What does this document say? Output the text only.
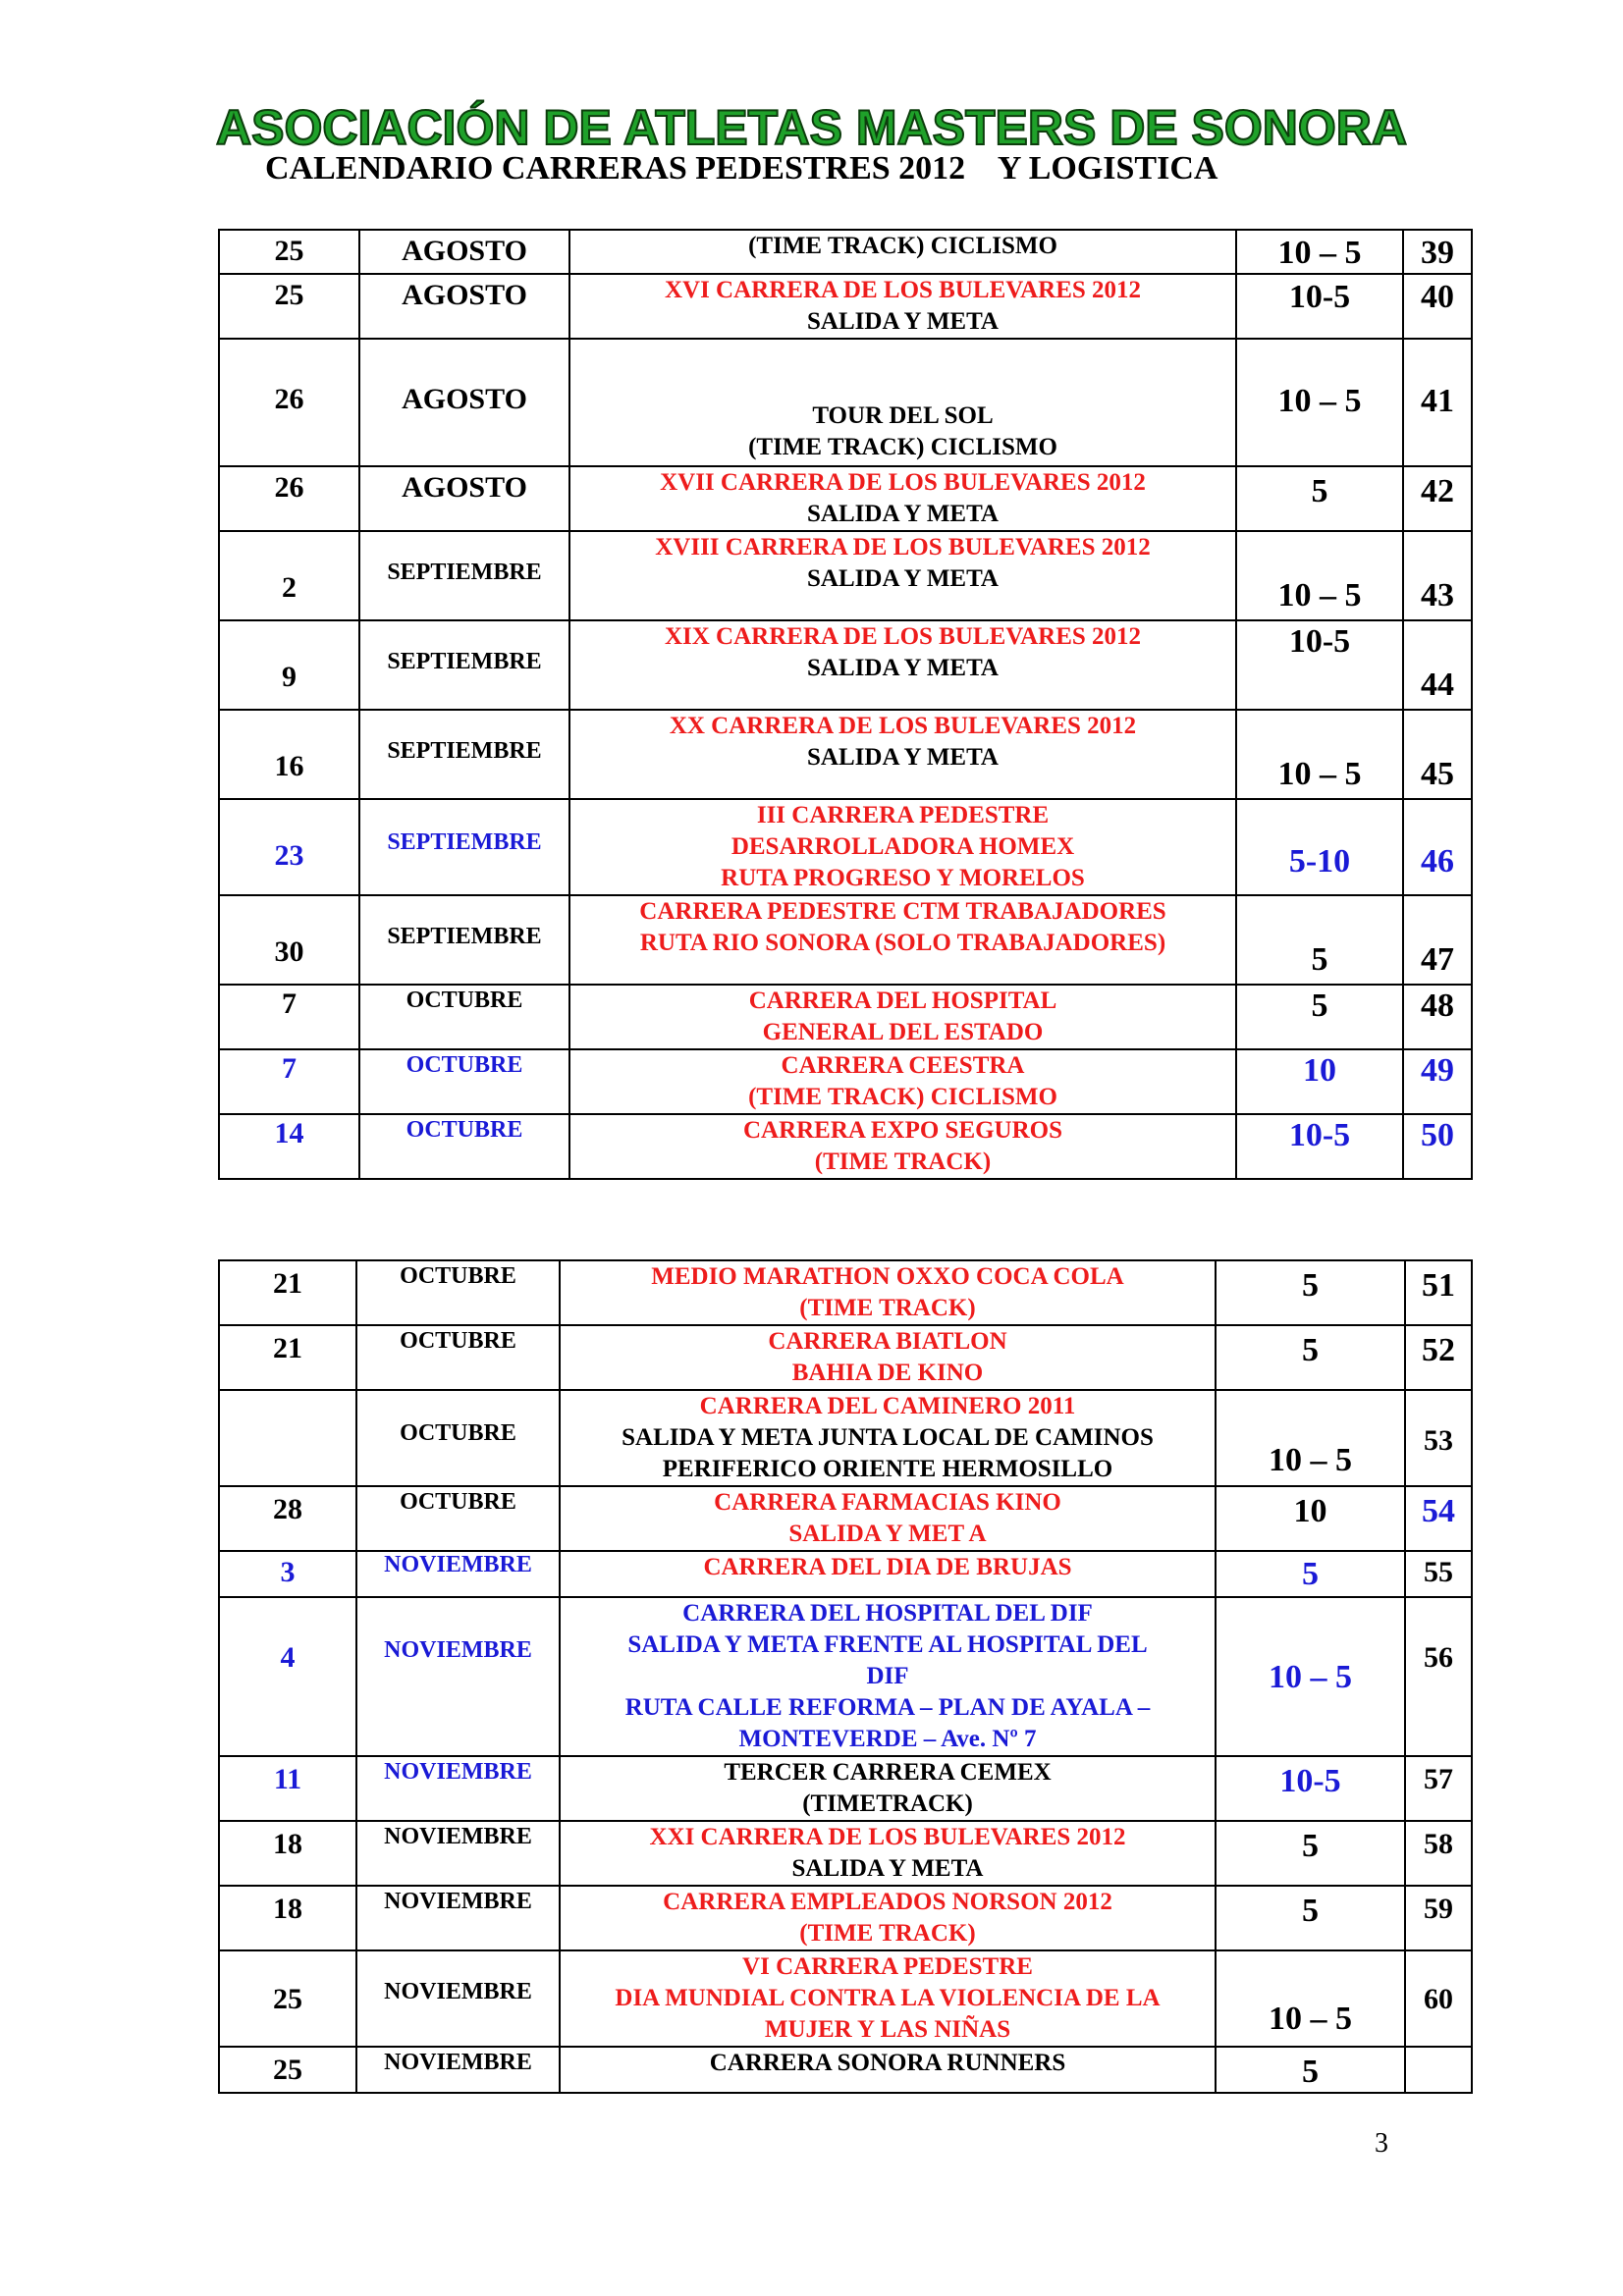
ASOCIACIÓN DE ATLETAS MASTERS DE SONORA
CALENDARIO CARRERAS PEDESTRES 2012    Y LOGISTICA
25	AGOSTO	(TIME TRACK) CICLISMO	10 – 5	39

25	AGOSTO	XVI CARRERA DE LOS BULEVARES 2012
SALIDA Y META	10-5	40

26	AGOSTO	TOUR DEL SOL
(TIME TRACK) CICLISMO	10 – 5	41

26	AGOSTO	XVII CARRERA DE LOS BULEVARES 2012
SALIDA Y META	5	42

2	SEPTIEMBRE	XVIII CARRERA DE LOS BULEVARES 2012
SALIDA Y META	10 – 5	43

9	SEPTIEMBRE	XIX CARRERA DE LOS BULEVARES 2012
SALIDA Y META	10-5	44

16	SEPTIEMBRE	XX CARRERA DE LOS BULEVARES 2012
SALIDA Y META	10 – 5	45

23	SEPTIEMBRE	III CARRERA PEDESTRE
DESARROLLADORA HOMEX
RUTA PROGRESO Y MORELOS	5-10	46

30	SEPTIEMBRE	CARRERA PEDESTRE CTM TRABAJADORES
RUTA RIO SONORA (SOLO TRABAJADORES)	5	47

7	OCTUBRE	CARRERA DEL HOSPITAL
GENERAL DEL ESTADO	5	48

7	OCTUBRE	CARRERA CEESTRA
(TIME TRACK) CICLISMO	10	49

14	OCTUBRE	CARRERA EXPO SEGUROS
(TIME TRACK)	10-5	50
21	OCTUBRE	MEDIO MARATHON OXXO COCA COLA
(TIME TRACK)	5	51

21	OCTUBRE	CARRERA BIATLON
BAHIA DE KINO	5	52

	OCTUBRE	CARRERA DEL CAMINERO 2011
SALIDA Y META JUNTA LOCAL DE CAMINOS
PERIFERICO ORIENTE HERMOSILLO	10 – 5	53

28	OCTUBRE	CARRERA FARMACIAS KINO
SALIDA Y MET A	10	54

3	NOVIEMBRE	CARRERA DEL DIA DE BRUJAS	5	55

4	NOVIEMBRE	CARRERA DEL HOSPITAL DEL DIF
SALIDA Y META FRENTE AL HOSPITAL DEL
DIF
RUTA CALLE REFORMA – PLAN DE AYALA –
MONTEVERDE – Ave. Nº 7	10 – 5	56

11	NOVIEMBRE	TERCER CARRERA CEMEX
(TIMETRACK)	10-5	57

18	NOVIEMBRE	XXI CARRERA DE LOS BULEVARES 2012
SALIDA Y META	5	58

18	NOVIEMBRE	CARRERA EMPLEADOS NORSON 2012
(TIME TRACK)	5	59

25	NOVIEMBRE	VI CARRERA PEDESTRE
DIA MUNDIAL CONTRA LA VIOLENCIA DE LA
MUJER Y LAS NIÑAS	10 – 5	60

25	NOVIEMBRE	CARRERA SONORA RUNNERS	5	

3
